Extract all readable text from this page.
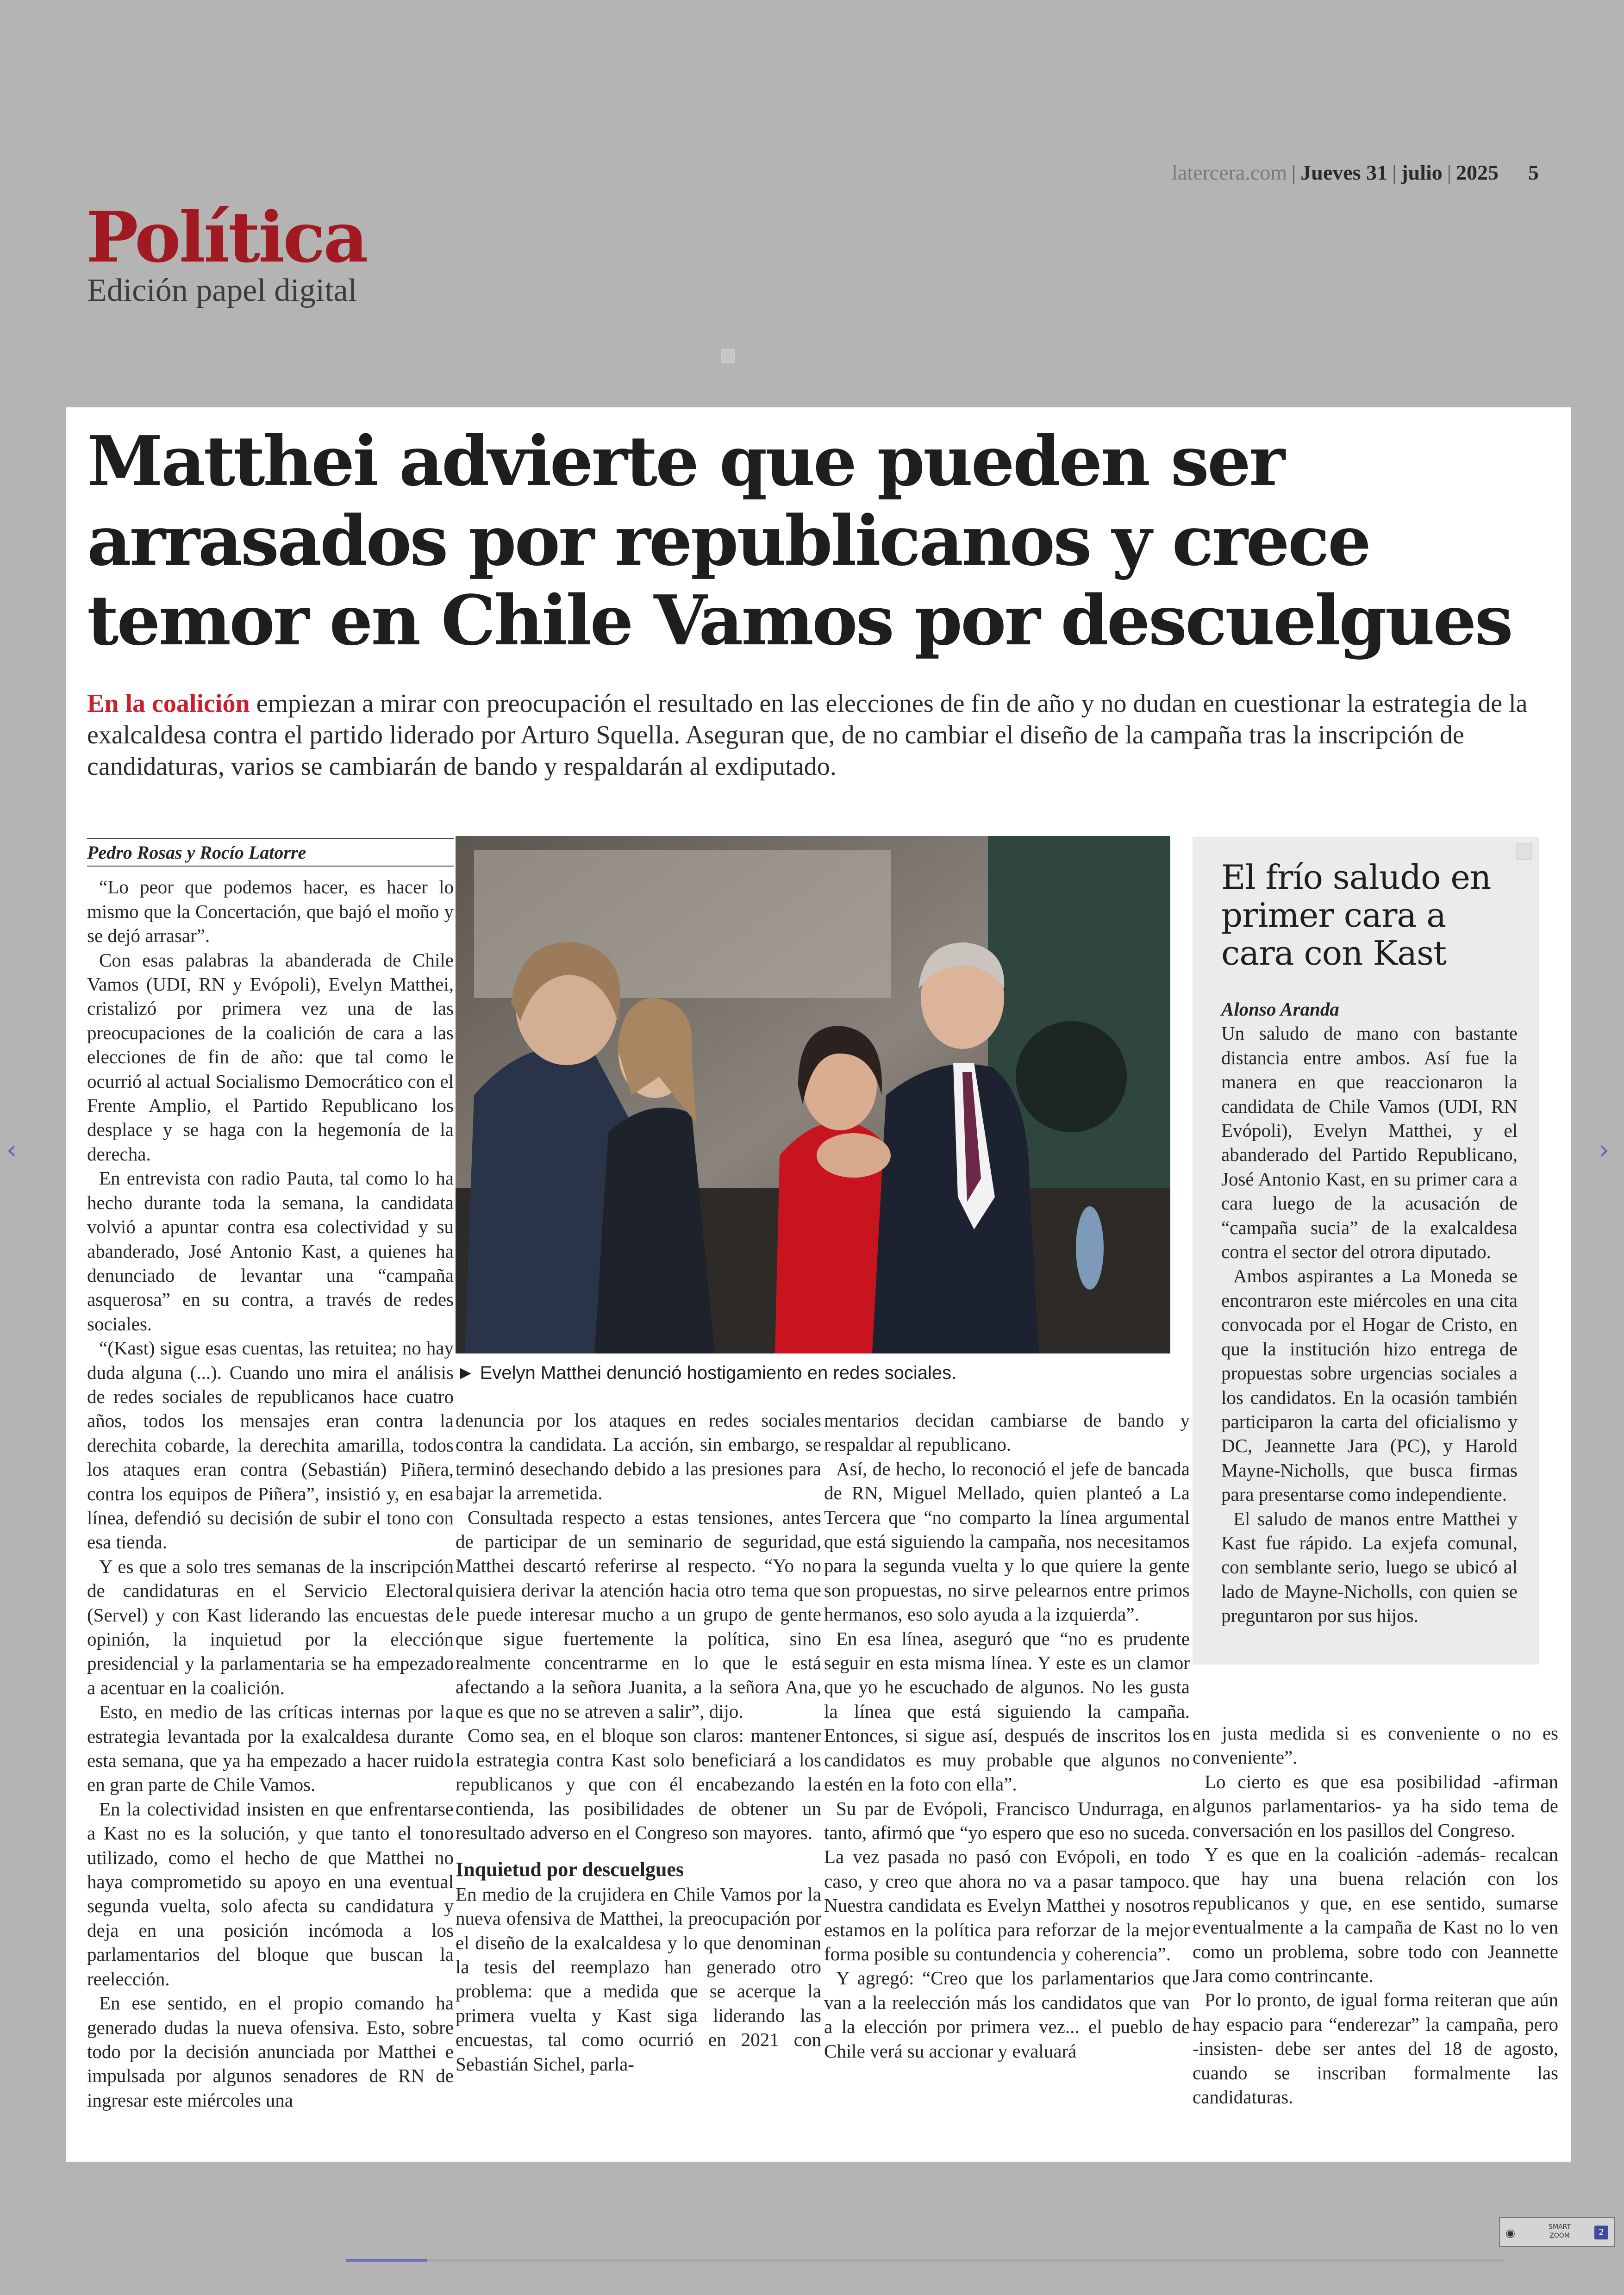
latercera.com | Jueves 31 | julio | 2025 5
Política
Edición papel digital
Matthei advierte que pueden ser arrasados por republicanos y crece temor en Chile Vamos por descuelgues
En la coalición empiezan a mirar con preocupación el resultado en las elecciones de fin de año y no dudan en cuestionar la estrategia de la exalcaldesa contra el partido liderado por Arturo Squella. Aseguran que, de no cambiar el diseño de la campaña tras la inscripción de candidaturas, varios se cambiarán de bando y respaldarán al exdiputado.

Pedro Rosas y Rocío Latorre

“Lo peor que podemos hacer, es hacer lo mismo que la Concertación, que bajó el moño y se dejó arrasar”.

Con esas palabras la abanderada de Chile Vamos (UDI, RN y Evópoli), Evelyn Matthei, cristalizó por primera vez una de las preocupaciones de la coalición de cara a las elecciones de fin de año: que tal como le ocurrió al actual Socialismo Democrático con el Frente Amplio, el Partido Republicano los desplace y se haga con la hegemonía de la derecha.

En entrevista con radio Pauta, tal como lo ha hecho durante toda la semana, la candidata volvió a apuntar contra esa colectividad y su abanderado, José Antonio Kast, a quienes ha denunciado de levantar una “campaña asquerosa” en su contra, a través de redes sociales.

“(Kast) sigue esas cuentas, las retuitea; no hay duda alguna (...). Cuando uno mira el análisis de redes sociales de republicanos hace cuatro años, todos los mensajes eran contra la derechita cobarde, la derechita amarilla, todos los ataques eran contra (Sebastián) Piñera, contra los equipos de Piñera”, insistió y, en esa línea, defendió su decisión de subir el tono con esa tienda.

Y es que a solo tres semanas de la inscripción de candidaturas en el Servicio Electoral (Servel) y con Kast liderando las encuestas de opinión, la inquietud por la elección presidencial y la parlamentaria se ha empezado a acentuar en la coalición.

Esto, en medio de las críticas internas por la estrategia levantada por la exalcaldesa durante esta semana, que ya ha empezado a hacer ruido en gran parte de Chile Vamos.

En la colectividad insisten en que enfrentarse a Kast no es la solución, y que tanto el tono utilizado, como el hecho de que Matthei no haya comprometido su apoyo en una eventual segunda vuelta, solo afecta su candidatura y deja en una posición incómoda a los parlamentarios del bloque que buscan la reelección.

En ese sentido, en el propio comando ha generado dudas la nueva ofensiva. Esto, sobre todo por la decisión anunciada por Matthei e impulsada por algunos senadores de RN de ingresar este miércoles una

► Evelyn Matthei denunció hostigamiento en redes sociales.

denuncia por los ataques en redes sociales contra la candidata. La acción, sin embargo, se terminó desechando debido a las presiones para bajar la arremetida.

Consultada respecto a estas tensiones, antes de participar de un seminario de seguridad, Matthei descartó referirse al respecto. “Yo no quisiera derivar la atención hacia otro tema que le puede interesar mucho a un grupo de gente que sigue fuertemente la política, sino realmente concentrarme en lo que le está afectando a la señora Juanita, a la señora Ana, que es que no se atreven a salir”, dijo.

Como sea, en el bloque son claros: mantener la estrategia contra Kast solo beneficiará a los republicanos y que con él encabezando la contienda, las posibilidades de obtener un resultado adverso en el Congreso son mayores.

Inquietud por descuelgues

En medio de la crujidera en Chile Vamos por la nueva ofensiva de Matthei, la preocupación por el diseño de la exalcaldesa y lo que denominan la tesis del reemplazo han generado otro problema: que a medida que se acerque la primera vuelta y Kast siga liderando las encuestas, tal como ocurrió en 2021 con Sebastián Sichel, parla-

mentarios decidan cambiarse de bando y respaldar al republicano.

Así, de hecho, lo reconoció el jefe de bancada de RN, Miguel Mellado, quien planteó a La Tercera que “no comparto la línea argumental que está siguiendo la campaña, nos necesitamos para la segunda vuelta y lo que quiere la gente son propuestas, no sirve pelearnos entre primos hermanos, eso solo ayuda a la izquierda”.

En esa línea, aseguró que “no es prudente seguir en esta misma línea. Y este es un clamor que yo he escuchado de algunos. No les gusta la línea que está siguiendo la campaña. Entonces, si sigue así, después de inscritos los candidatos es muy probable que algunos no estén en la foto con ella”.

Su par de Evópoli, Francisco Undurraga, en tanto, afirmó que “yo espero que eso no suceda. La vez pasada no pasó con Evópoli, en todo caso, y creo que ahora no va a pasar tampoco. Nuestra candidata es Evelyn Matthei y nosotros estamos en la política para reforzar de la mejor forma posible su contundencia y coherencia”.

Y agregó: “Creo que los parlamentarios que van a la reelección más los candidatos que van a la elección por primera vez... el pueblo de Chile verá su accionar y evaluará

El frío saludo en primer cara a cara con Kast

Alonso Aranda

Un saludo de mano con bastante distancia entre ambos. Así fue la manera en que reaccionaron la candidata de Chile Vamos (UDI, RN Evópoli), Evelyn Matthei, y el abanderado del Partido Republicano, José Antonio Kast, en su primer cara a cara luego de la acusación de “campaña sucia” de la exalcaldesa contra el sector del otrora diputado.

Ambos aspirantes a La Moneda se encontraron este miércoles en una cita convocada por el Hogar de Cristo, en que la institución hizo entrega de propuestas sobre urgencias sociales a los candidatos. En la ocasión también participaron la carta del oficialismo y DC, Jeannette Jara (PC), y Harold Mayne-Nicholls, que busca firmas para presentarse como independiente.

El saludo de manos entre Matthei y Kast fue rápido. La exjefa comunal, con semblante serio, luego se ubicó al lado de Mayne-Nicholls, con quien se preguntaron por sus hijos.

en justa medida si es conveniente o no es conveniente”.

Lo cierto es que esa posibilidad -afirman algunos parlamentarios- ya ha sido tema de conversación en los pasillos del Congreso.

Y es que en la coalición -además- recalcan que hay una buena relación con los republicanos y que, en ese sentido, sumarse eventualmente a la campaña de Kast no lo ven como un problema, sobre todo con Jeannette Jara como contrincante.

Por lo pronto, de igual forma reiteran que aún hay espacio para “enderezar” la campaña, pero -insisten- debe ser antes del 18 de agosto, cuando se inscriban formalmente las candidaturas.

‹	›
◉	SMART
ZOOM	2
